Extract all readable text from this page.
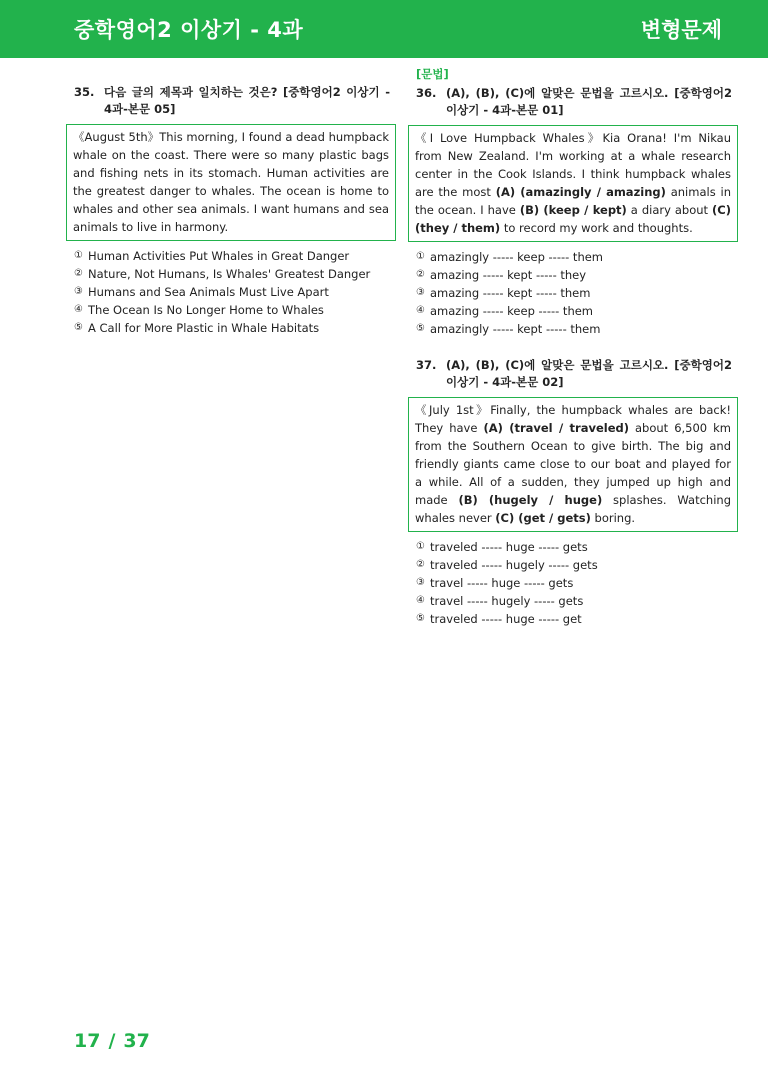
중학영어2 이상기 - 4과	변형문제
35. 다음 글의 제목과 일치하는 것은? [중학영어2 이상기 - 4과-본문 05]
《August 5th》This morning, I found a dead humpback whale on the coast. There were so many plastic bags and fishing nets in its stomach. Human activities are the greatest danger to whales. The ocean is home to whales and other sea animals. I want humans and sea animals to live in harmony.
① Human Activities Put Whales in Great Danger
② Nature, Not Humans, Is Whales' Greatest Danger
③ Humans and Sea Animals Must Live Apart
④ The Ocean Is No Longer Home to Whales
⑤ A Call for More Plastic in Whale Habitats
[문법]
36. (A), (B), (C)에 알맞은 문법을 고르시오. [중학영어2 이상기 - 4과-본문 01]
《I Love Humpback Whales》Kia Orana! I'm Nikau from New Zealand. I'm working at a whale research center in the Cook Islands. I think humpback whales are the most (A) (amazingly / amazing) animals in the ocean. I have (B) (keep / kept) a diary about (C) (they / them) to record my work and thoughts.
① amazingly ----- keep ----- them
② amazing ----- kept ----- they
③ amazing ----- kept ----- them
④ amazing ----- keep ----- them
⑤ amazingly ----- kept ----- them
37. (A), (B), (C)에 알맞은 문법을 고르시오. [중학영어2 이상기 - 4과-본문 02]
《July 1st》Finally, the humpback whales are back! They have (A) (travel / traveled) about 6,500 km from the Southern Ocean to give birth. The big and friendly giants came close to our boat and played for a while. All of a sudden, they jumped up high and made (B) (hugely / huge) splashes. Watching whales never (C) (get / gets) boring.
① traveled ----- huge ----- gets
② traveled ----- hugely ----- gets
③ travel ----- huge ----- gets
④ travel ----- hugely ----- gets
⑤ traveled ----- huge ----- get
17 / 37
